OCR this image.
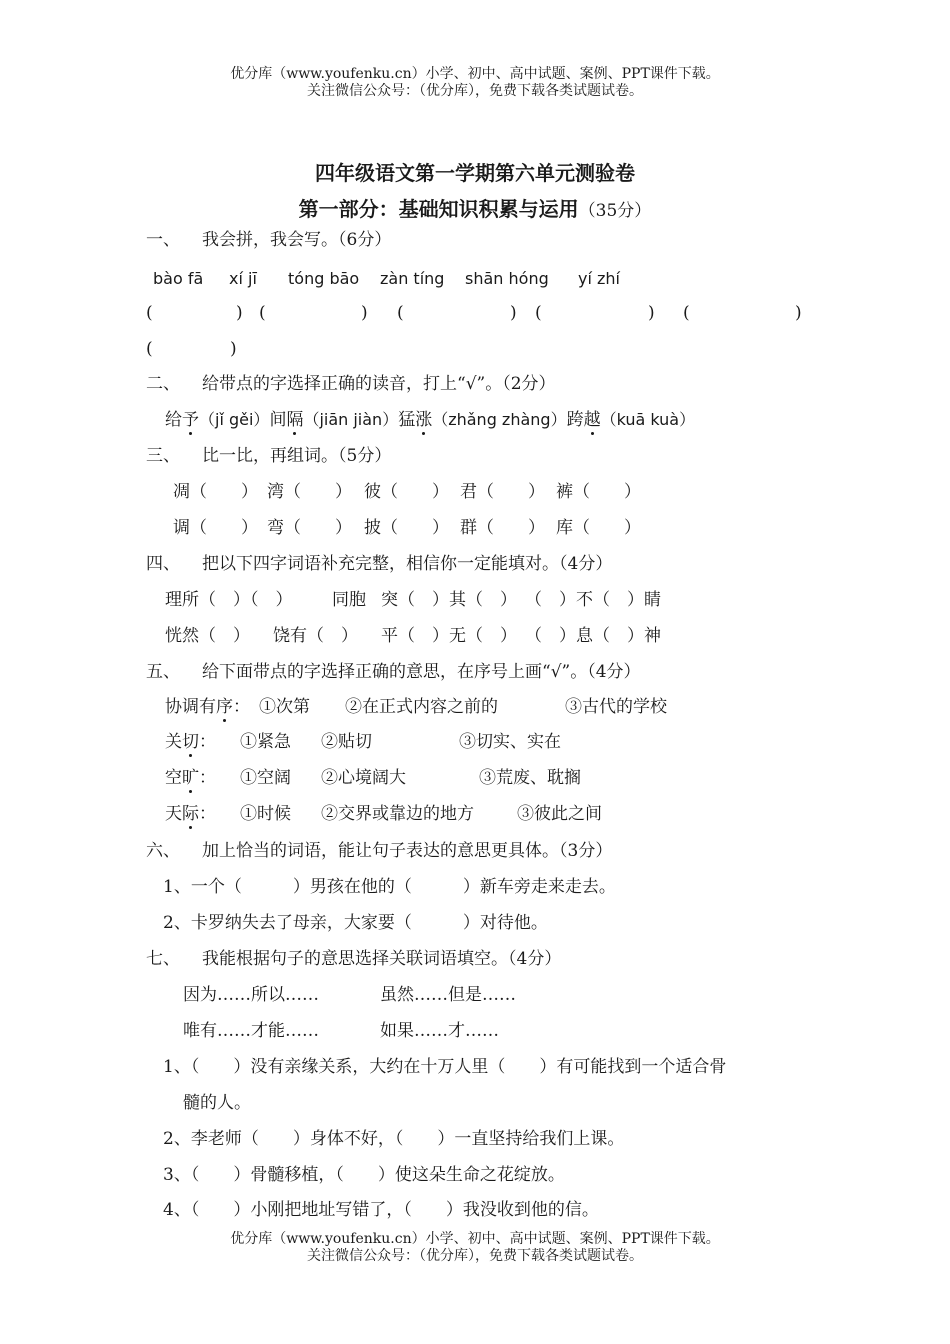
优分库（www.youfenku.cn）小学、初中、高中试题、案例、PPT课件下载。
关注微信公众号：（优分库），免费下载各类试题试卷。
四年级语文第一学期第六单元测验卷
第一部分：基础知识积累与运用（35分）
一、 我会拼，我会写。（6分）
bào fā xí jī tóng bāo zàn tíng shān hóng yí zhí
(	) (	) (	) (	) (	)
(	)
二、 给带点的字选择正确的读音，打上“√”。（2分）
给予（jǐ gěi）间隔（jiān jiàn）猛涨（zhǎng zhàng）跨越（kuā kuà）
三、 比一比，再组词。（5分）
凋（　　） 湾（　　） 彼（　　） 君（　　） 裤（　　）
调（　　） 弯（　　） 披（　　） 群（　　） 库（　　）
四、 把以下四字词语补充完整，相信你一定能填对。（4分）
理所（　）（　） 同胞 突（　）其（　） （　）不（　）睛
恍然（　） 饶有（　） 平（　）无（　） （　）息（　）神
五、 给下面带点的字选择正确的意思，在序号上画“√”。（4分）
协调有序： ①次第 ②在正式内容之前的	③古代的学校
关切： ①紧急 ②贴切	③切实、实在
空旷： ①空阔 ②心境阔大	③荒废、耽搁
天际： ①时候 ②交界或靠边的地方	③彼此之间
六、 加上恰当的词语，能让句子表达的意思更具体。（3分）
1、一个（　　　）男孩在他的（　　　）新车旁走来走去。
2、卡罗纳失去了母亲，大家要（　　　）对待他。
七、 我能根据句子的意思选择关联词语填空。（4分）
因为……所以……	虽然……但是……
唯有……才能……	如果……才……
1、（　　）没有亲缘关系，大约在十万人里（　　）有可能找到一个适合骨
髓的人。
2、李老师（　　）身体不好，（　　）一直坚持给我们上课。
3、（　　）骨髓移植，（　　）使这朵生命之花绽放。
4、（　　）小刚把地址写错了，（　　）我没收到他的信。
优分库（www.youfenku.cn）小学、初中、高中试题、案例、PPT课件下载。
关注微信公众号：（优分库），免费下载各类试题试卷。
